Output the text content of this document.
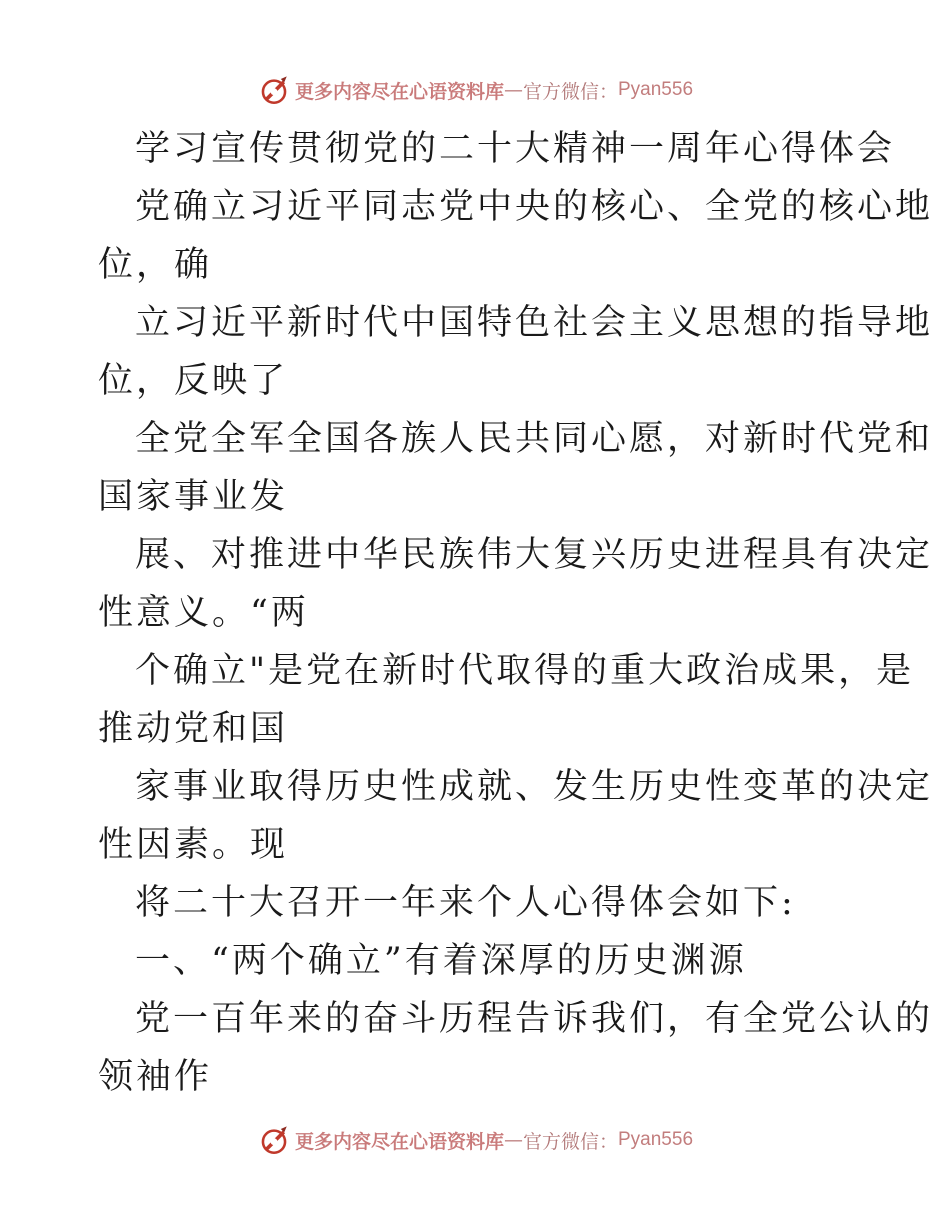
更多内容尽在心语资料库 — 官方微信： Pyan556
学习宣传贯彻党的二十大精神一周年心得体会
党确立习近平同志党中央的核心、全党的核心地
位，确
立习近平新时代中国特色社会主义思想的指导地
位，反映了
全党全军全国各族人民共同心愿，对新时代党和
国家事业发
展、对推进中华民族伟大复兴历史进程具有决定
性意义。“两
个确立"是党在新时代取得的重大政治成果，是
推动党和国
家事业取得历史性成就、发生历史性变革的决定
性因素。现
将二十大召开一年来个人心得体会如下:
一、“两个确立”有着深厚的历史渊源
党一百年来的奋斗历程告诉我们，有全党公认的
领袖作
更多内容尽在心语资料库 — 官方微信： Pyan556
